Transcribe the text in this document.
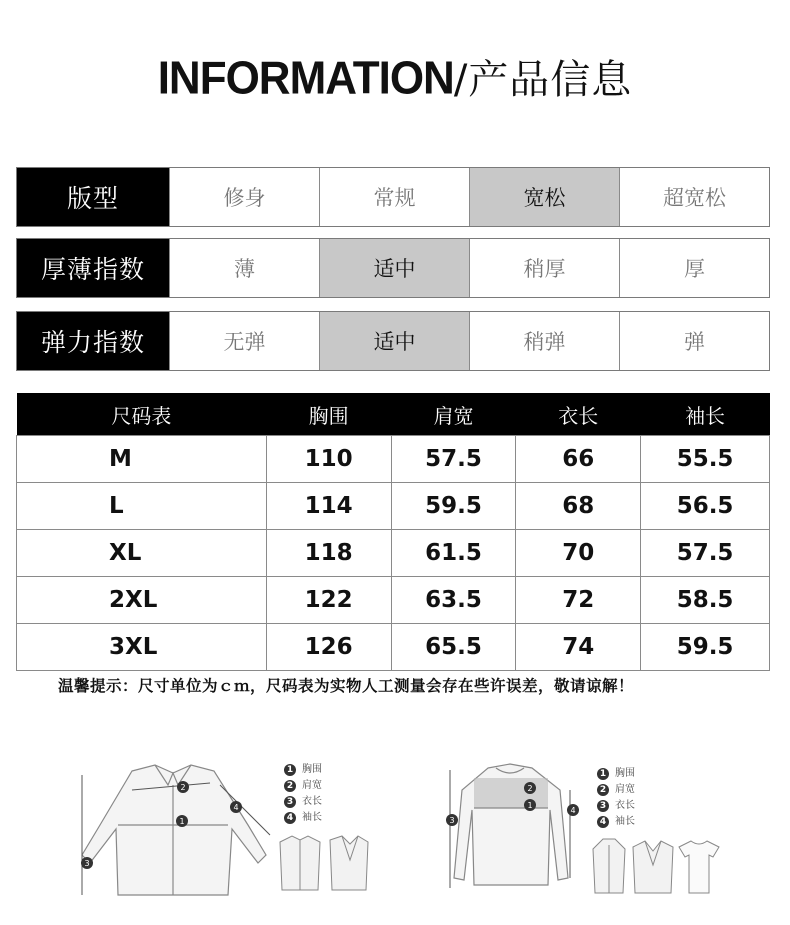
INFORMATION/产品信息
版型	修身	常规	宽松	超宽松
厚薄指数	薄	适中	稍厚	厚
弹力指数	无弹	适中	稍弹	弹
尺码表	胸围	肩宽	衣长	袖长
M	110	57.5	66	55.5
L	114	59.5	68	56.5
XL	118	61.5	70	57.5
2XL	122	63.5	72	58.5
3XL	126	65.5	74	59.5
温馨提示：尺寸单位为ｃｍ，尺码表为实物人工测量会存在些许误差，敬请谅解！
3
1
2
4
1 胸围
2 肩宽
3 衣长
4 袖长	3
2
1
4
1 胸围
2 肩宽
3 衣长
4 袖长
